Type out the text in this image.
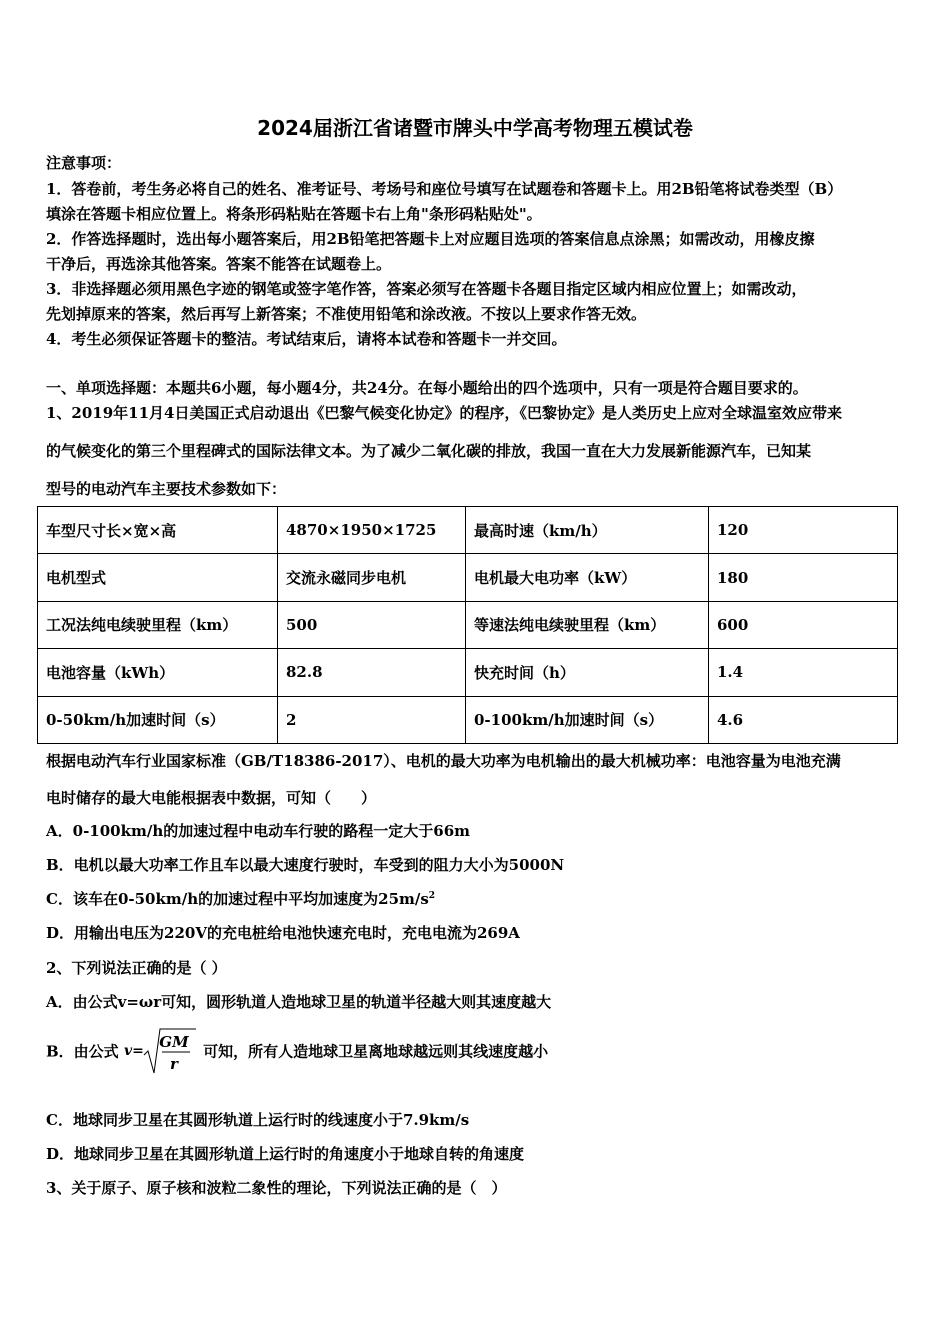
2024届浙江省诸暨市牌头中学高考物理五模试卷
注意事项：
1．答卷前，考生务必将自己的姓名、准考证号、考场号和座位号填写在试题卷和答题卡上。用2B铅笔将试卷类型（B）
填涂在答题卡相应位置上。将条形码粘贴在答题卡右上角"条形码粘贴处"。
2．作答选择题时，选出每小题答案后，用2B铅笔把答题卡上对应题目选项的答案信息点涂黑；如需改动，用橡皮擦
干净后，再选涂其他答案。答案不能答在试题卷上。
3．非选择题必须用黑色字迹的钢笔或签字笔作答，答案必须写在答题卡各题目指定区域内相应位置上；如需改动，
先划掉原来的答案，然后再写上新答案；不准使用铅笔和涂改液。不按以上要求作答无效。
4．考生必须保证答题卡的整洁。考试结束后，请将本试卷和答题卡一并交回。
一、单项选择题：本题共6小题，每小题4分，共24分。在每小题给出的四个选项中，只有一项是符合题目要求的。
1、2019年11月4日美国正式启动退出《巴黎气候变化协定》的程序，《巴黎协定》是人类历史上应对全球温室效应带来
的气候变化的第三个里程碑式的国际法律文本。为了减少二氧化碳的排放，我国一直在大力发展新能源汽车，已知某
型号的电动汽车主要技术参数如下：
车型尺寸长×宽×高	4870×1950×1725	最高时速（km/h）	120
电机型式	交流永磁同步电机	电机最大电功率（kW）	180
工况法纯电续驶里程（km）	500	等速法纯电续驶里程（km）	600
电池容量（kWh）	82.8	快充时间（h）	1.4
0-50km/h加速时间（s）	2	0-100km/h加速时间（s）	4.6
根据电动汽车行业国家标准（GB/T18386-2017）、电机的最大功率为电机输出的最大机械功率：电池容量为电池充满
电时储存的最大电能根据表中数据，可知（　　）
A．0-100km/h的加速过程中电动车行驶的路程一定大于66m
B．电机以最大功率工作且车以最大速度行驶时，车受到的阻力大小为5000N
C．该车在0-50km/h的加速过程中平均加速度为$25m/s^2$
D．用输出电压为220V的充电桩给电池快速充电时，充电电流为269A
2、下列说法正确的是（ ）
A．由公式v=ωr可知，圆形轨道人造地球卫星的轨道半径越大则其速度越大
B．由公式 v= GM
r
可知，所有人造地球卫星离地球越远则其线速度越小
C．地球同步卫星在其圆形轨道上运行时的线速度小于7.9km/s
D．地球同步卫星在其圆形轨道上运行时的角速度小于地球自转的角速度
3、关于原子、原子核和波粒二象性的理论，下列说法正确的是（　）
